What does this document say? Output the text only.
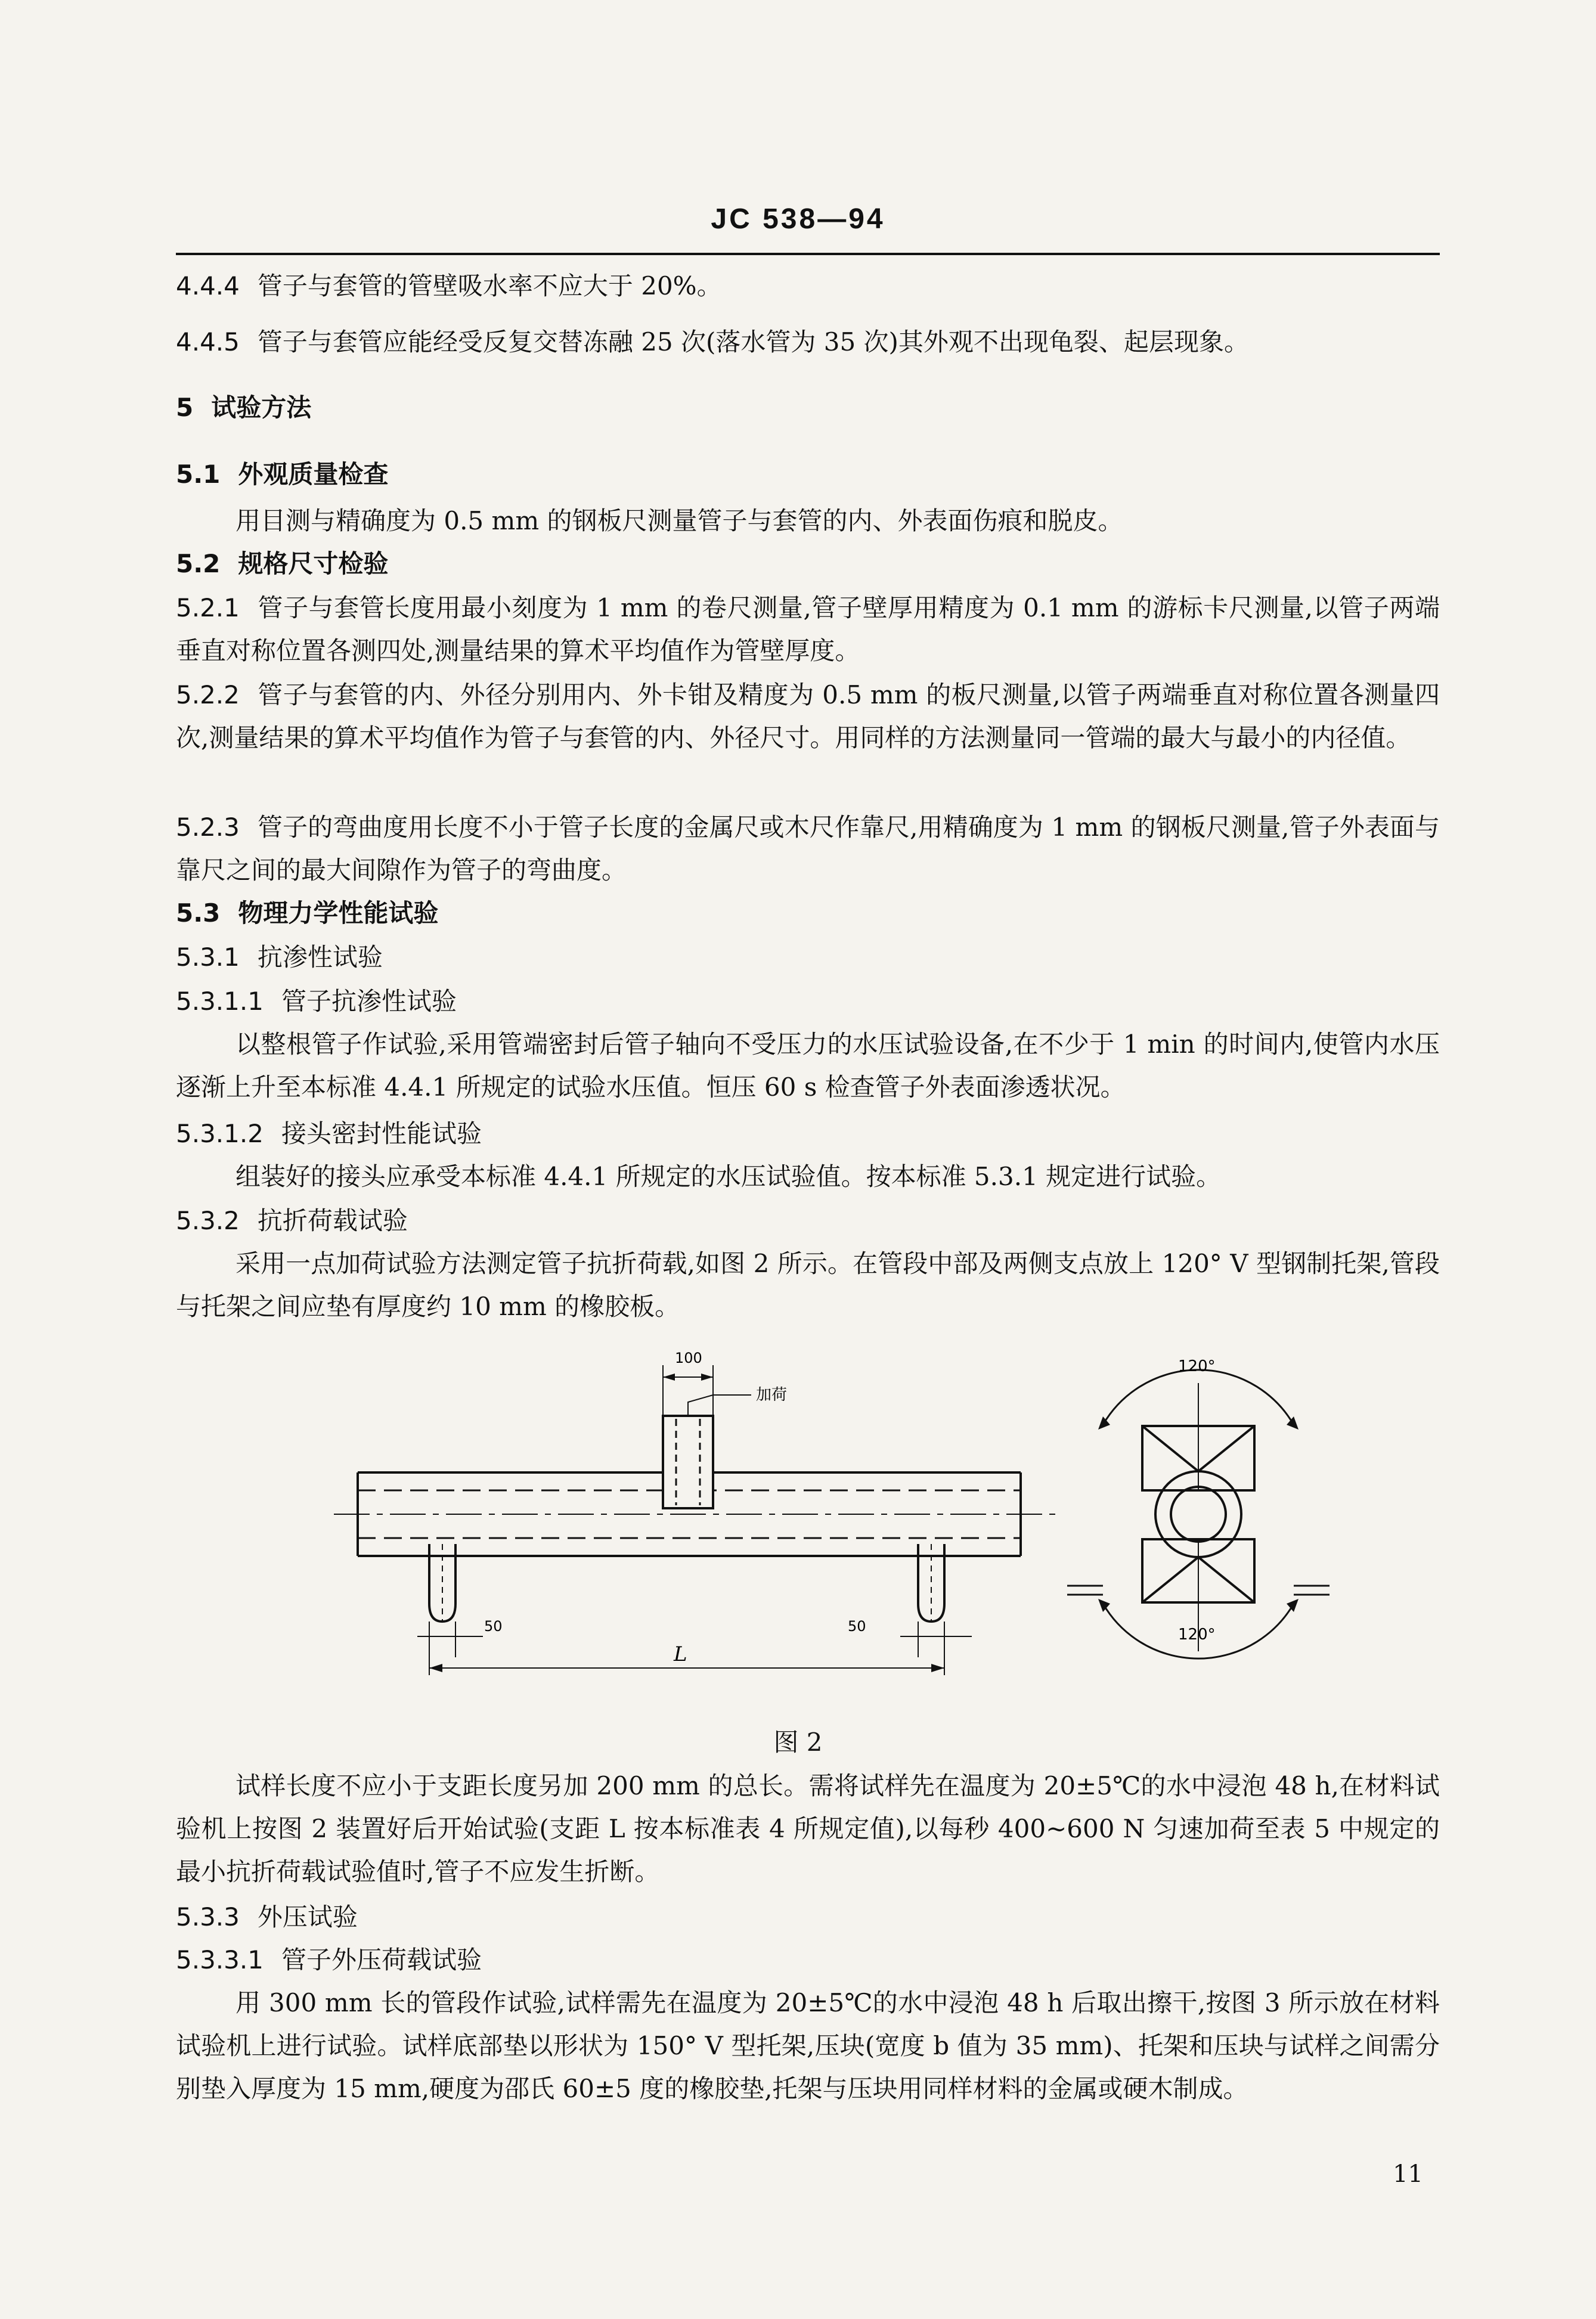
JC 538—94

4.4.4 管子与套管的管壁吸水率不应大于 20%。

4.4.5 管子与套管应能经受反复交替冻融 25 次(落水管为 35 次)其外观不出现龟裂、起层现象。

5 试验方法

5.1 外观质量检查

用目测与精确度为 0.5 mm 的钢板尺测量管子与套管的内、外表面伤痕和脱皮。

5.2 规格尺寸检验

5.2.1 管子与套管长度用最小刻度为 1 mm 的卷尺测量,管子壁厚用精度为 0.1 mm 的游标卡尺测量,以管子两端垂直对称位置各测四处,测量结果的算术平均值作为管壁厚度。

5.2.2 管子与套管的内、外径分别用内、外卡钳及精度为 0.5 mm 的板尺测量,以管子两端垂直对称位置各测量四次,测量结果的算术平均值作为管子与套管的内、外径尺寸。用同样的方法测量同一管端的最大与最小的内径值。

5.2.3 管子的弯曲度用长度不小于管子长度的金属尺或木尺作靠尺,用精确度为 1 mm 的钢板尺测量,管子外表面与靠尺之间的最大间隙作为管子的弯曲度。

5.3 物理力学性能试验

5.3.1 抗渗性试验

5.3.1.1 管子抗渗性试验

以整根管子作试验,采用管端密封后管子轴向不受压力的水压试验设备,在不少于 1 min 的时间内,使管内水压逐渐上升至本标准 4.4.1 所规定的试验水压值。恒压 60 s 检查管子外表面渗透状况。

5.3.1.2 接头密封性能试验

组装好的接头应承受本标准 4.4.1 所规定的水压试验值。按本标准 5.3.1 规定进行试验。

5.3.2 抗折荷载试验

采用一点加荷试验方法测定管子抗折荷载,如图 2 所示。在管段中部及两侧支点放上 120° V 型钢制托架,管段与托架之间应垫有厚度约 10 mm 的橡胶板。

100
加荷
50	50
L
120°
120°
图 2

试样长度不应小于支距长度另加 200 mm 的总长。需将试样先在温度为 20±5℃的水中浸泡 48 h,在材料试验机上按图 2 装置好后开始试验(支距 L 按本标准表 4 所规定值),以每秒 400~600 N 匀速加荷至表 5 中规定的最小抗折荷载试验值时,管子不应发生折断。

5.3.3 外压试验

5.3.3.1 管子外压荷载试验

用 300 mm 长的管段作试验,试样需先在温度为 20±5℃的水中浸泡 48 h 后取出擦干,按图 3 所示放在材料试验机上进行试验。试样底部垫以形状为 150° V 型托架,压块(宽度 b 值为 35 mm)、托架和压块与试样之间需分别垫入厚度为 15 mm,硬度为邵氏 60±5 度的橡胶垫,托架与压块用同样材料的金属或硬木制成。

11
